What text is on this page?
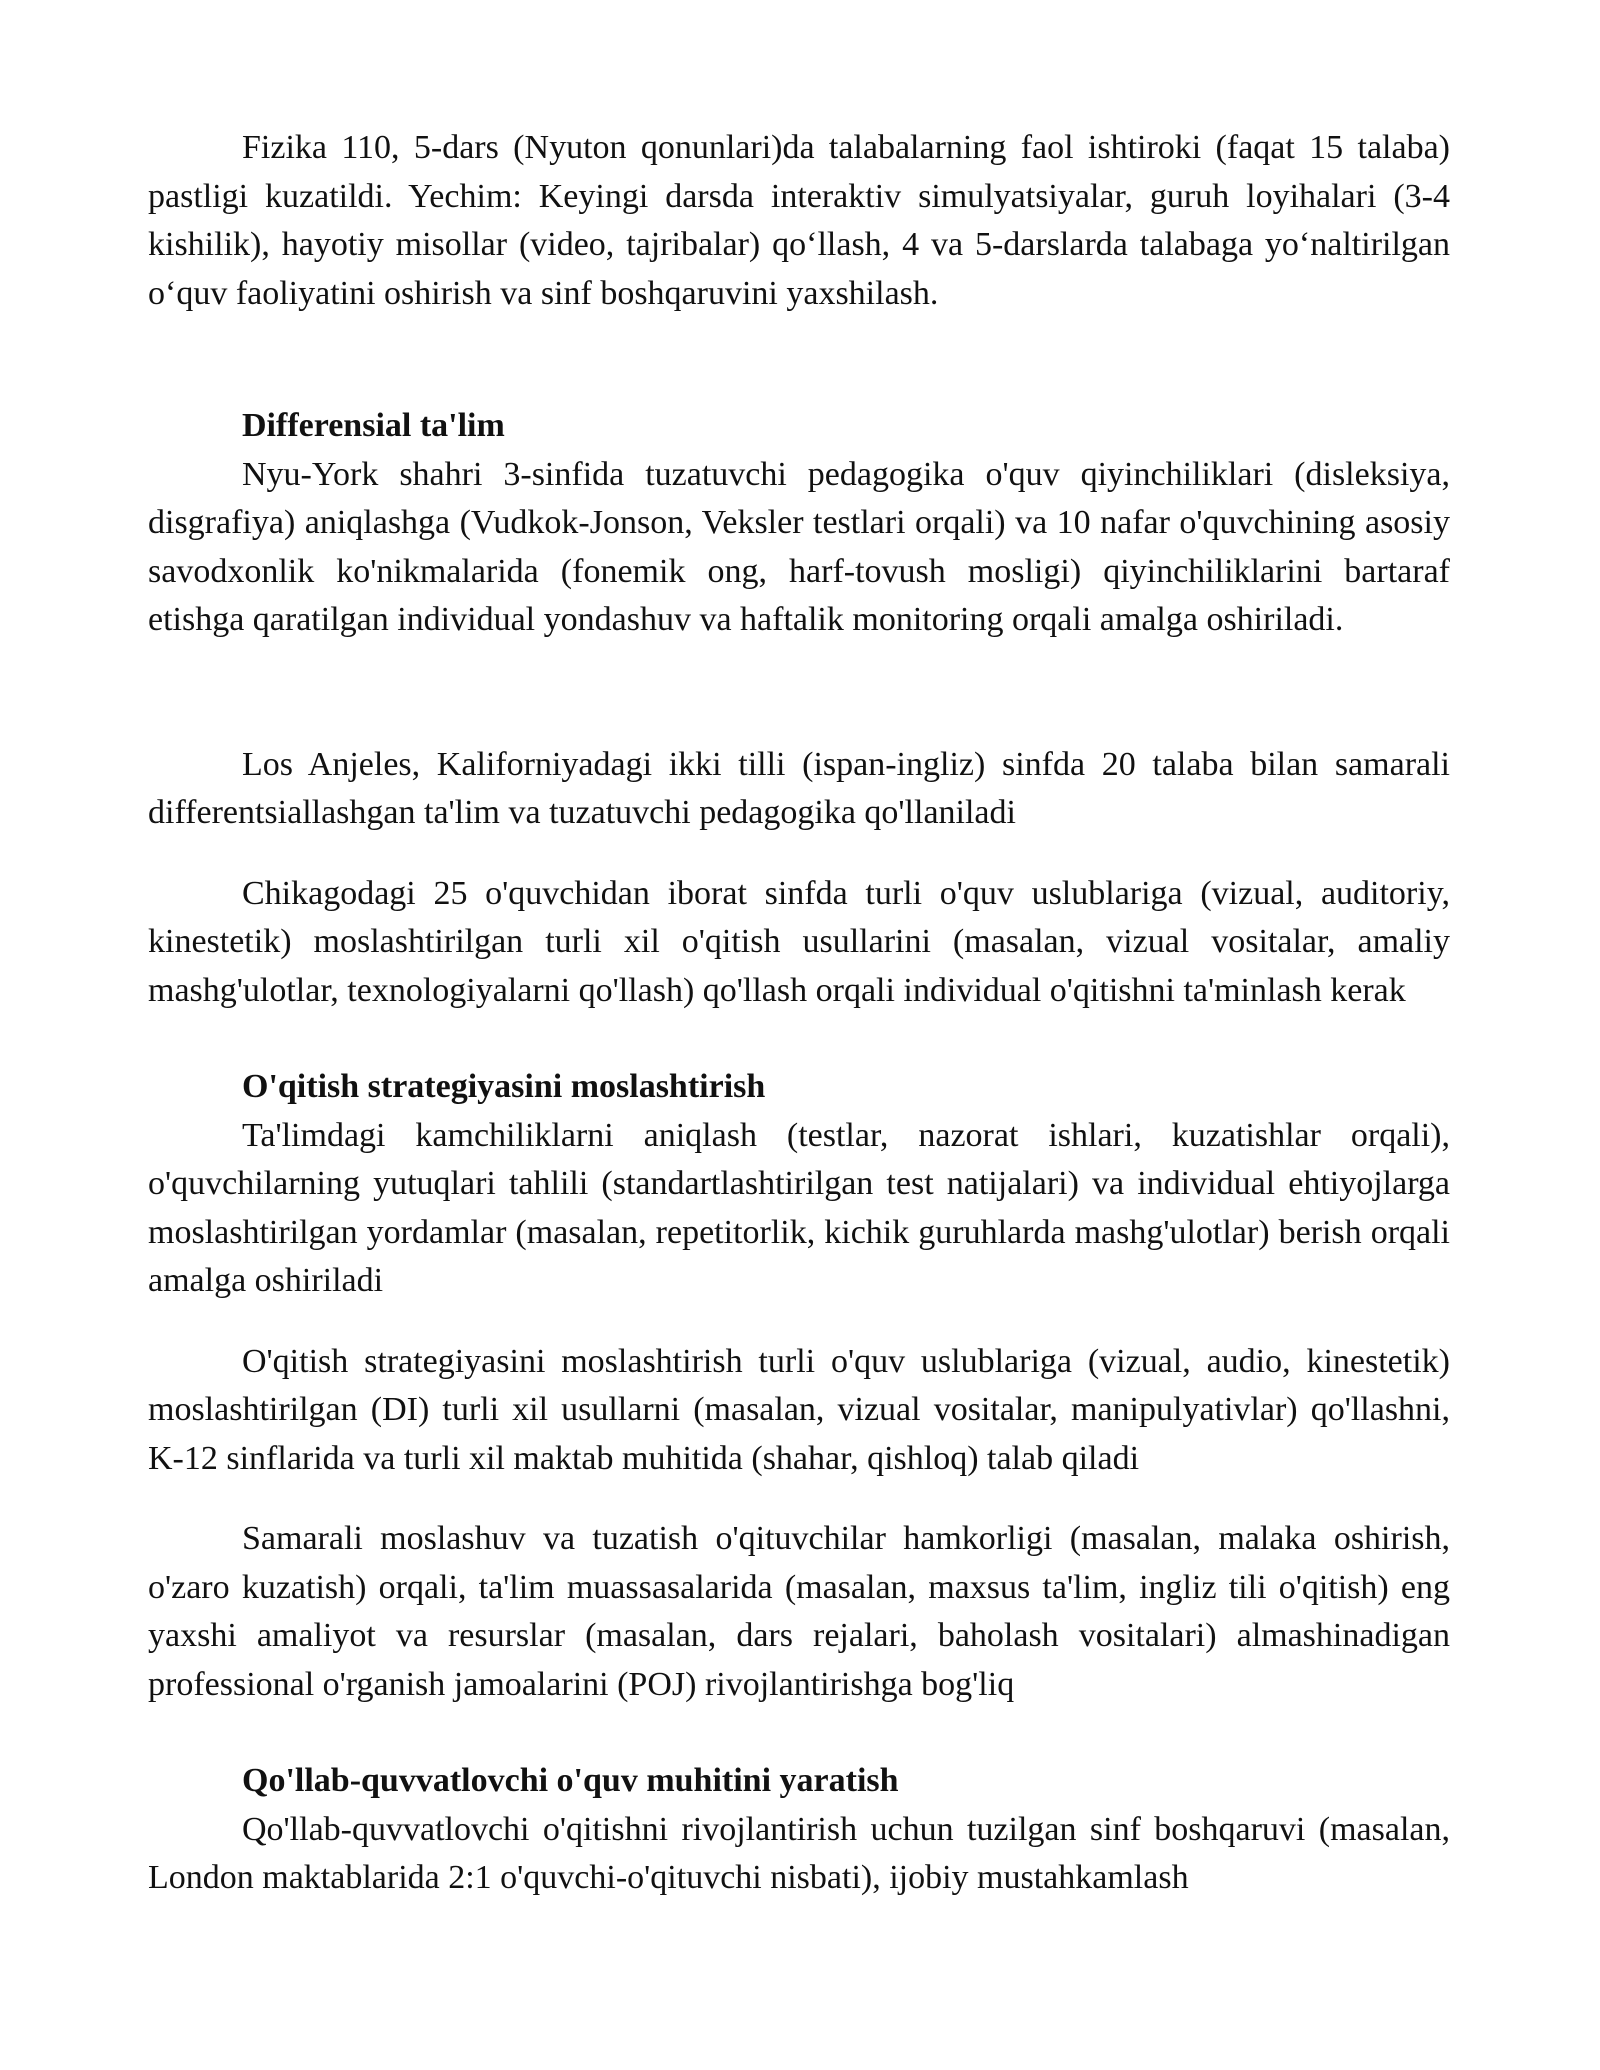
Fizika 110, 5-dars (Nyuton qonunlari)da talabalarning faol ishtiroki (faqat 15 talaba) pastligi kuzatildi. Yechim: Keyingi darsda interaktiv simulyatsiyalar, guruh loyihalari (3-4 kishilik), hayotiy misollar (video, tajribalar) qo‘llash, 4 va 5-darslarda talabaga yo‘naltirilgan o‘quv faoliyatini oshirish va sinf boshqaruvini yaxshilash.

Differensial ta'lim

Nyu-York shahri 3-sinfida tuzatuvchi pedagogika o'quv qiyinchiliklari (disleksiya, disgrafiya) aniqlashga (Vudkok-Jonson, Veksler testlari orqali) va 10 nafar o'quvchining asosiy savodxonlik ko'nikmalarida (fonemik ong, harf-tovush mosligi) qiyinchiliklarini bartaraf etishga qaratilgan individual yondashuv va haftalik monitoring orqali amalga oshiriladi.

Los Anjeles, Kaliforniyadagi ikki tilli (ispan-ingliz) sinfda 20 talaba bilan samarali differentsiallashgan ta'lim va tuzatuvchi pedagogika qo'llaniladi

Chikagodagi 25 o'quvchidan iborat sinfda turli o'quv uslublariga (vizual, auditoriy, kinestetik) moslashtirilgan turli xil o'qitish usullarini (masalan, vizual vositalar, amaliy mashg'ulotlar, texnologiyalarni qo'llash) qo'llash orqali individual o'qitishni ta'minlash kerak

O'qitish strategiyasini moslashtirish

Ta'limdagi kamchiliklarni aniqlash (testlar, nazorat ishlari, kuzatishlar orqali), o'quvchilarning yutuqlari tahlili (standartlashtirilgan test natijalari) va individual ehtiyojlarga moslashtirilgan yordamlar (masalan, repetitorlik, kichik guruhlarda mashg'ulotlar) berish orqali amalga oshiriladi

O'qitish strategiyasini moslashtirish turli o'quv uslublariga (vizual, audio, kinestetik) moslashtirilgan (DI) turli xil usullarni (masalan, vizual vositalar, manipulyativlar) qo'llashni, K-12 sinflarida va turli xil maktab muhitida (shahar, qishloq) talab qiladi

Samarali moslashuv va tuzatish o'qituvchilar hamkorligi (masalan, malaka oshirish, o'zaro kuzatish) orqali, ta'lim muassasalarida (masalan, maxsus ta'lim, ingliz tili o'qitish) eng yaxshi amaliyot va resurslar (masalan, dars rejalari, baholash vositalari) almashinadigan professional o'rganish jamoalarini (POJ) rivojlantirishga bog'liq

Qo'llab-quvvatlovchi o'quv muhitini yaratish

Qo'llab-quvvatlovchi o'qitishni rivojlantirish uchun tuzilgan sinf boshqaruvi (masalan, London maktablarida 2:1 o'quvchi-o'qituvchi nisbati), ijobiy mustahkamlash
